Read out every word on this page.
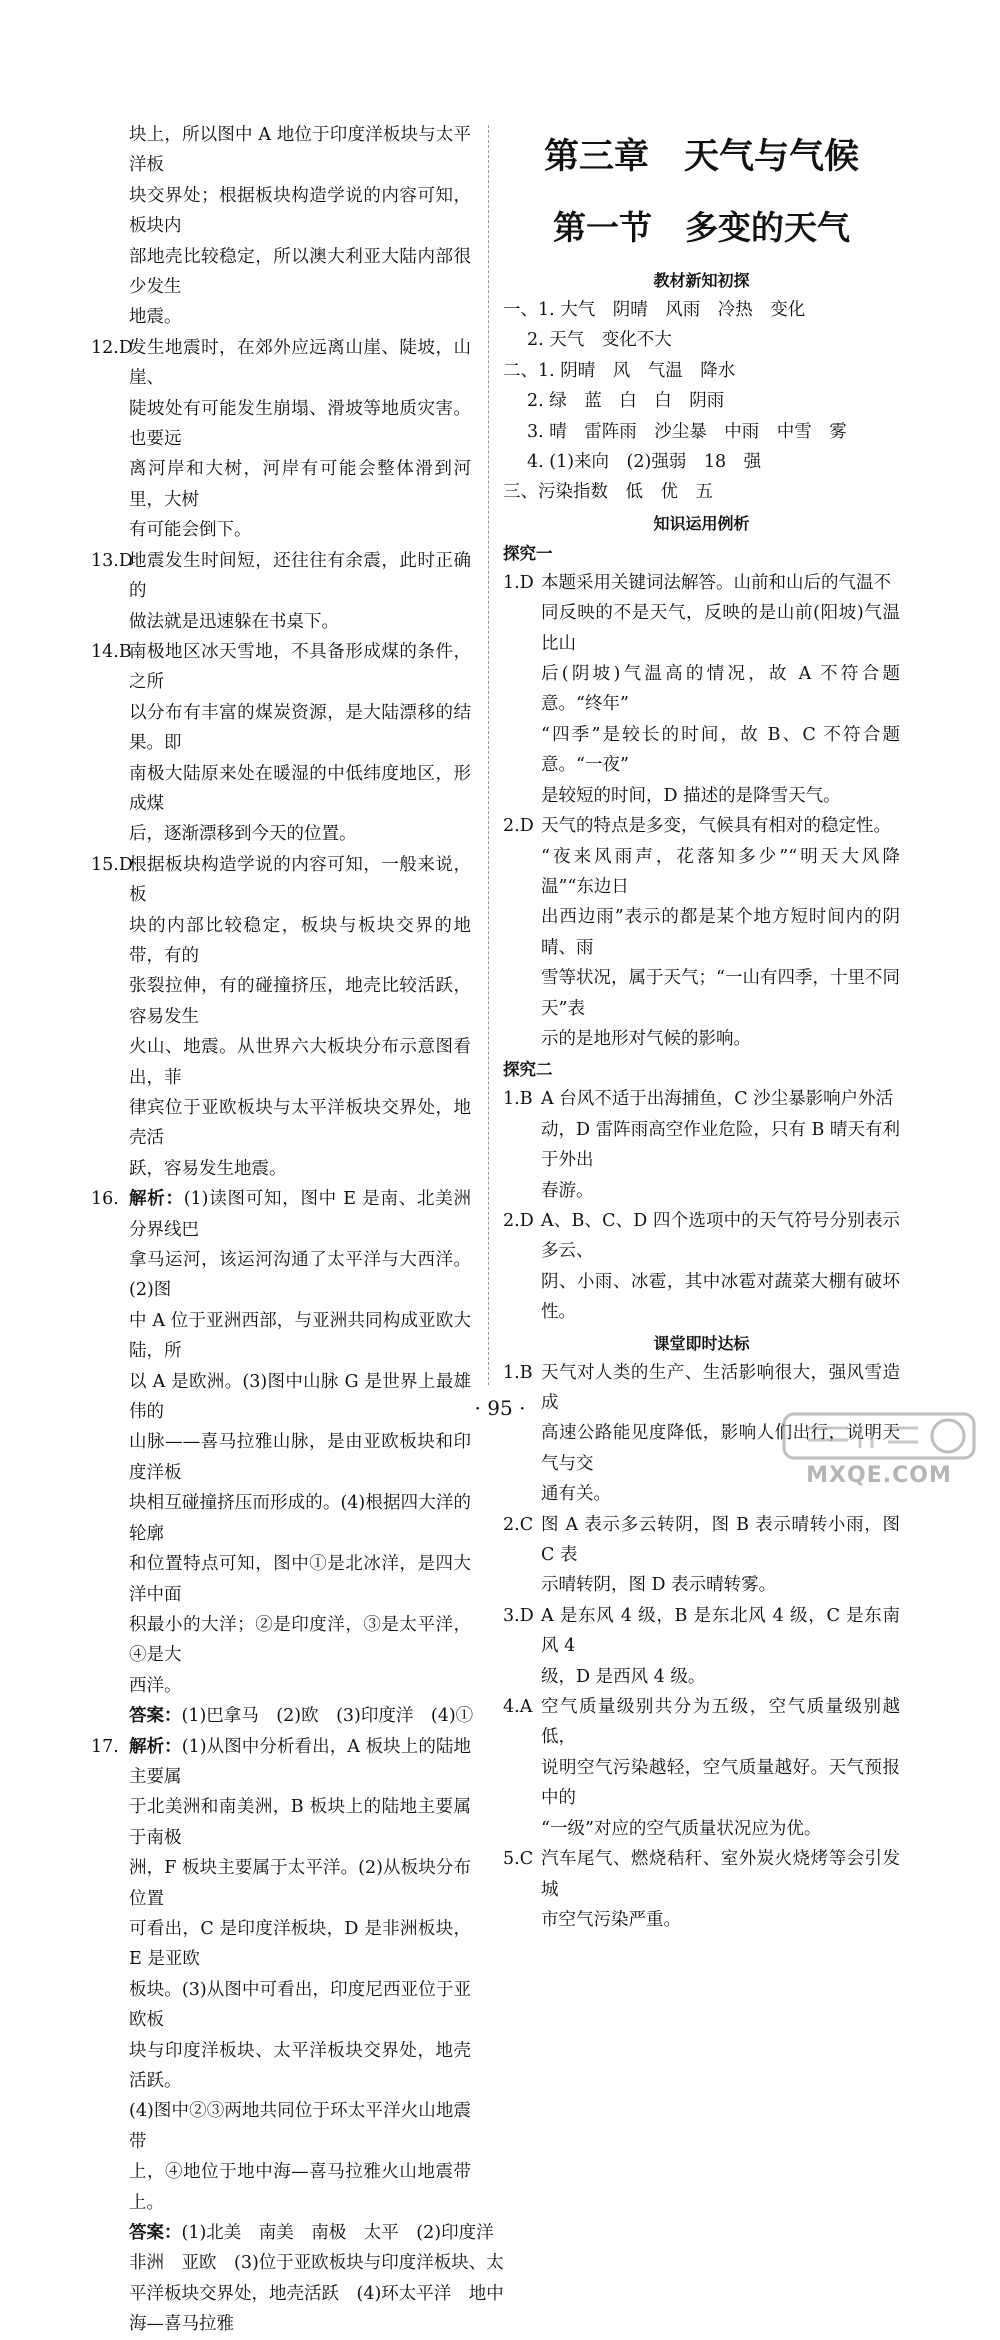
块上，所以图中 A 地位于印度洋板块与太平洋板
块交界处；根据板块构造学说的内容可知，板块内
部地壳比较稳定，所以澳大利亚大陆内部很少发生
地震。
12.D
发生地震时，在郊外应远离山崖、陡坡，山崖、
陡坡处有可能发生崩塌、滑坡等地质灾害。也要远
离河岸和大树，河岸有可能会整体滑到河里，大树
有可能会倒下。
13.D
地震发生时间短，还往往有余震，此时正确的
做法就是迅速躲在书桌下。
14.B
南极地区冰天雪地，不具备形成煤的条件，之所
以分布有丰富的煤炭资源，是大陆漂移的结果。即
南极大陆原来处在暖湿的中低纬度地区，形成煤
后，逐渐漂移到今天的位置。
15.D
根据板块构造学说的内容可知，一般来说，板
块的内部比较稳定，板块与板块交界的地带，有的
张裂拉伸，有的碰撞挤压，地壳比较活跃，容易发生
火山、地震。从世界六大板块分布示意图看出，菲
律宾位于亚欧板块与太平洋板块交界处，地壳活
跃，容易发生地震。
16. 解析：(1)读图可知，图中 E 是南、北美洲分界线巴
拿马运河，该运河沟通了太平洋与大西洋。(2)图
中 A 位于亚洲西部，与亚洲共同构成亚欧大陆，所
以 A 是欧洲。(3)图中山脉 G 是世界上最雄伟的
山脉——喜马拉雅山脉，是由亚欧板块和印度洋板
块相互碰撞挤压而形成的。(4)根据四大洋的轮廓
和位置特点可知，图中①是北冰洋，是四大洋中面
积最小的大洋；②是印度洋，③是太平洋，④是大
西洋。
答案：(1)巴拿马　(2)欧　(3)印度洋　(4)①
17. 解析：(1)从图中分析看出，A 板块上的陆地主要属
于北美洲和南美洲，B 板块上的陆地主要属于南极
洲，F 板块主要属于太平洋。(2)从板块分布位置
可看出，C 是印度洋板块，D 是非洲板块，E 是亚欧
板块。(3)从图中可看出，印度尼西亚位于亚欧板
块与印度洋板块、太平洋板块交界处，地壳活跃。
(4)图中②③两地共同位于环太平洋火山地震带
上，④地位于地中海—喜马拉雅火山地震带上。
答案：(1)北美　南美　南极　太平　(2)印度洋
非洲　亚欧　(3)位于亚欧板块与印度洋板块、太
平洋板块交界处，地壳活跃　(4)环太平洋　地中
海—喜马拉雅
第三章　天气与气候
第一节　多变的天气
教材新知初探
一、1. 大气　阴晴　风雨　冷热　变化
2. 天气　变化不大
二、1. 阴晴　风　气温　降水
2. 绿　蓝　白　白　阴雨
3. 晴　雷阵雨　沙尘暴　中雨　中雪　雾
4. (1)来向　(2)强弱　18　强
三、污染指数　低　优　五
知识运用例析
探究一
1.D 本题采用关键词法解答。山前和山后的气温不
同反映的不是天气，反映的是山前(阳坡)气温比山
后(阴坡)气温高的情况，故 A 不符合题意。“终年”
“四季”是较长的时间，故 B、C 不符合题意。“一夜”
是较短的时间，D 描述的是降雪天气。
2.D 天气的特点是多变，气候具有相对的稳定性。
“夜来风雨声，花落知多少”“明天大风降温”“东边日
出西边雨”表示的都是某个地方短时间内的阴晴、雨
雪等状况，属于天气；“一山有四季，十里不同天”表
示的是地形对气候的影响。
探究二
1.B A 台风不适于出海捕鱼，C 沙尘暴影响户外活
动，D 雷阵雨高空作业危险，只有 B 晴天有利于外出
春游。
2.D A、B、C、D 四个选项中的天气符号分别表示多云、
阴、小雨、冰雹，其中冰雹对蔬菜大棚有破坏性。
课堂即时达标
1.B 天气对人类的生产、生活影响很大，强风雪造成
高速公路能见度降低，影响人们出行，说明天气与交
通有关。
2.C 图 A 表示多云转阴，图 B 表示晴转小雨，图 C 表
示晴转阴，图 D 表示晴转雾。
3.D A 是东风 4 级，B 是东北风 4 级，C 是东南风 4
级，D 是西风 4 级。
4.A 空气质量级别共分为五级，空气质量级别越低，
说明空气污染越轻，空气质量越好。天气预报中的
“一级”对应的空气质量状况应为优。
5.C 汽车尾气、燃烧秸秆、室外炭火烧烤等会引发城
市空气污染严重。
· 95 ·
MXQE.COM
